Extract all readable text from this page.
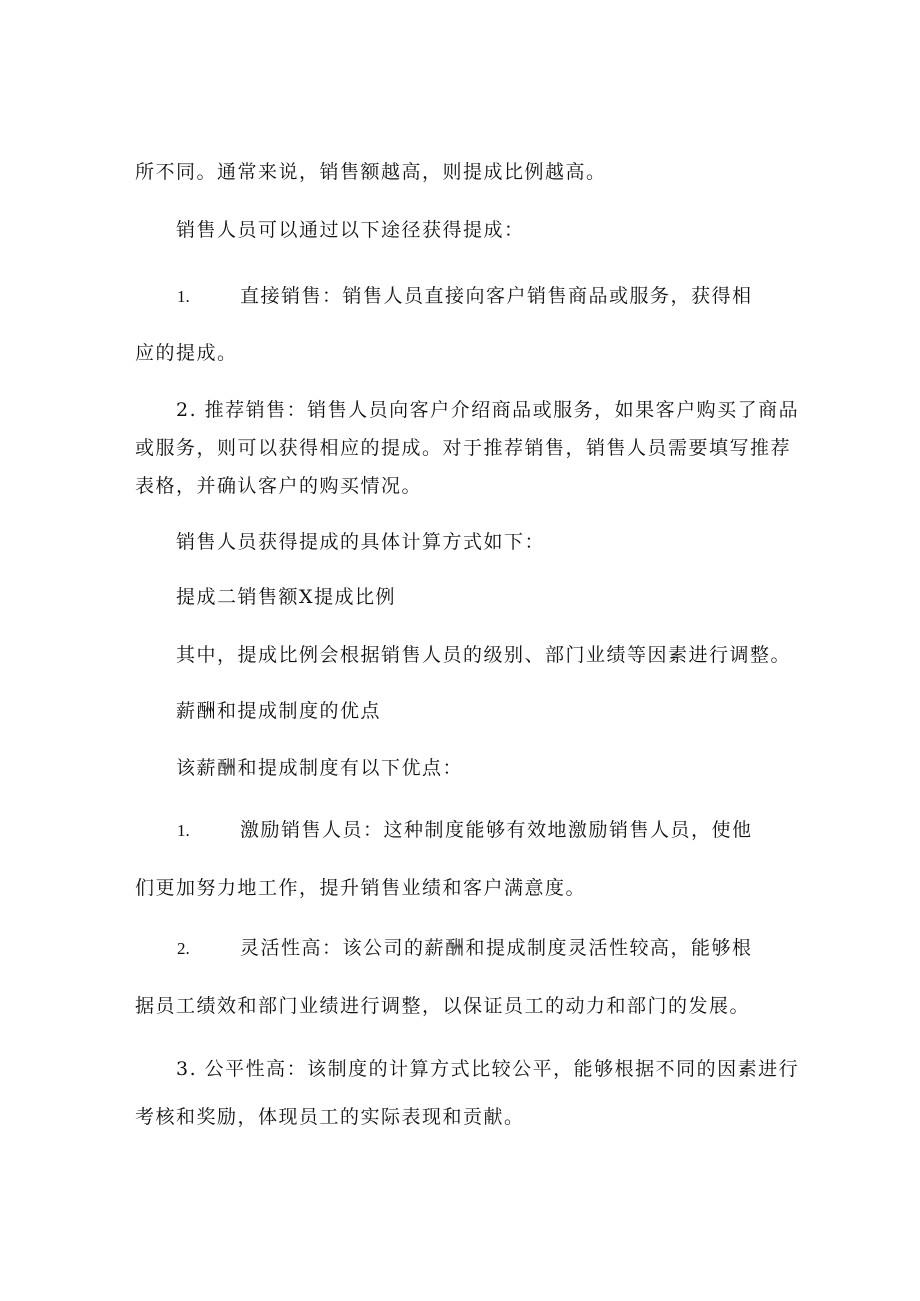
所不同。通常来说，销售额越高，则提成比例越高。
销售人员可以通过以下途径获得提成：
1.	直接销售：销售人员直接向客户销售商品或服务，获得相
应的提成。
2. 推荐销售：销售人员向客户介绍商品或服务，如果客户购买了商品
或服务，则可以获得相应的提成。对于推荐销售，销售人员需要填写推荐
表格，并确认客户的购买情况。
销售人员获得提成的具体计算方式如下：
提成二销售额X提成比例
其中，提成比例会根据销售人员的级别、部门业绩等因素进行调整。
薪酬和提成制度的优点
该薪酬和提成制度有以下优点：
1.	激励销售人员：这种制度能够有效地激励销售人员，使他
们更加努力地工作，提升销售业绩和客户满意度。
2.	灵活性高：该公司的薪酬和提成制度灵活性较高，能够根
据员工绩效和部门业绩进行调整，以保证员工的动力和部门的发展。
3. 公平性高：该制度的计算方式比较公平，能够根据不同的因素进行
考核和奖励，体现员工的实际表现和贡献。
